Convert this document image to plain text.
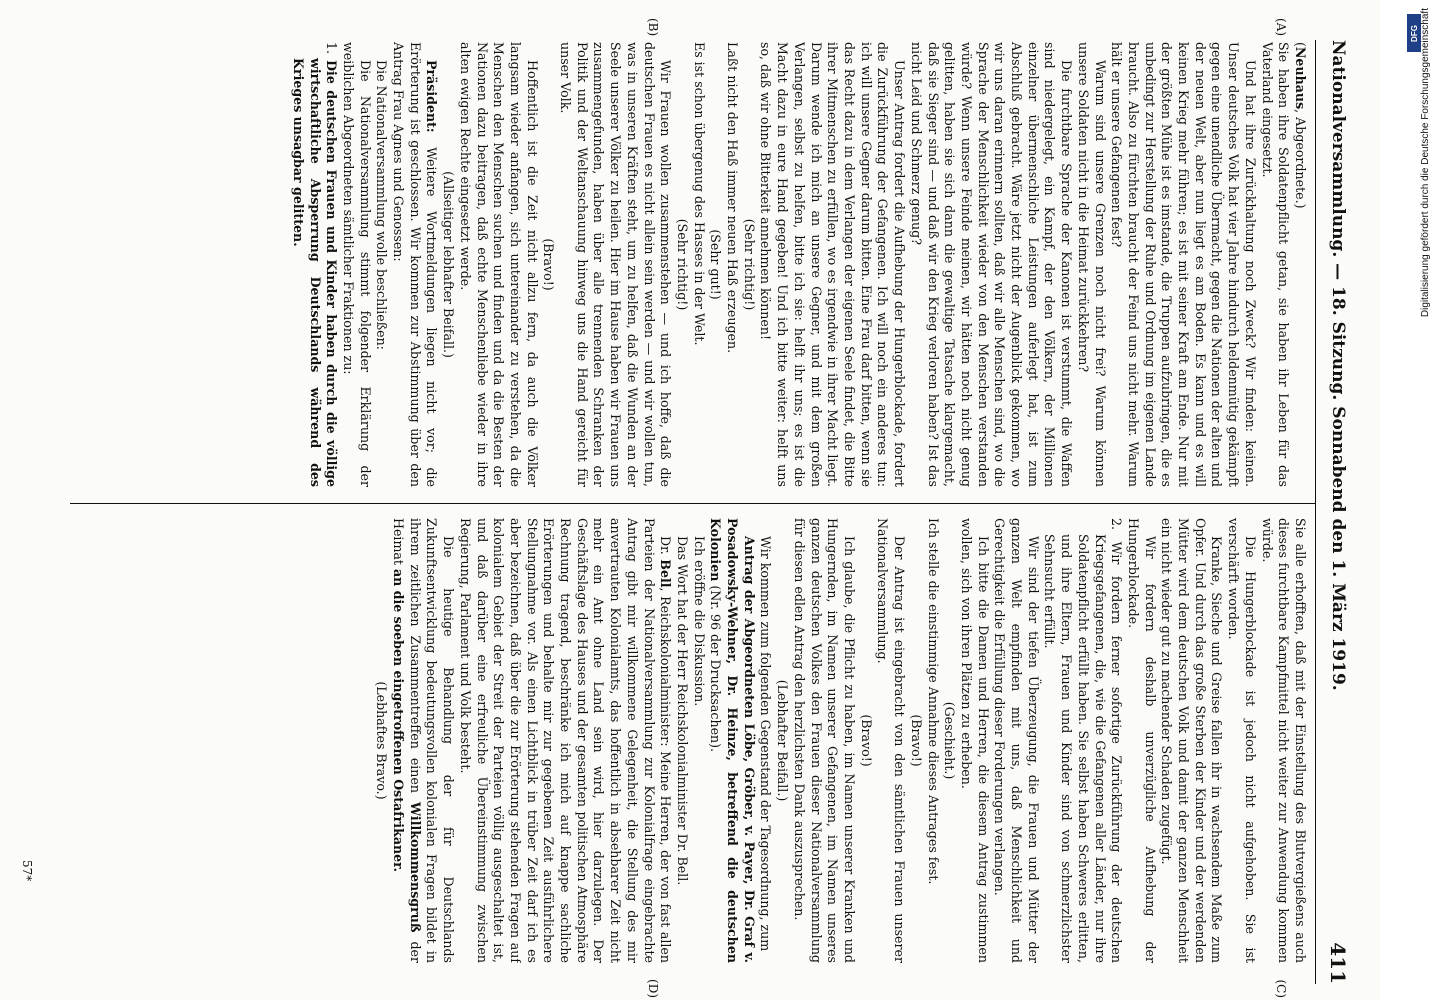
Nationalversammlung. — 18. Sitzung. Sonnabend den 1. März 1919.
411
(A)
(B)
(C)
(D)

(Neuhaus, Abgeordnete.)

Sie haben ihre Soldatenpflicht getan, sie haben ihr Leben für das Vaterland eingesetzt.

Und hat ihre Zurückhaltung noch Zweck? Wir finden: keinen. Unser deutsches Volk hat vier Jahre hindurch heldenmütig gekämpft gegen eine unendliche Übermacht, gegen die Nationen der alten und der neuen Welt, aber nun liegt es am Boden. Es kann und es will keinen Krieg mehr führen; es ist mit seiner Kraft am Ende. Nur mit der größten Mühe ist es imstande, die Truppen aufzubringen, die es unbedingt zur Herstellung der Ruhe und Ordnung im eigenen Lande braucht. Also zu fürchten braucht der Feind uns nicht mehr. Warum hält er unsere Gefangenen fest?

Warum sind unsere Grenzen noch nicht frei? Warum können unsere Soldaten nicht in die Heimat zurückkehren?

Die furchtbare Sprache der Kanonen ist verstummt, die Waffen sind niedergelegt, ein Kampf, der den Völkern, der Millionen einzelner übermenschliche Leistungen auferlegt hat, ist zum Abschluß gebracht. Wäre jetzt nicht der Augenblick gekommen, wo wir uns daran erinnern sollten, daß wir alle Menschen sind, wo die Sprache der Menschlichkeit wieder von den Menschen verstanden würde? Wenn unsere Feinde meinen, wir hätten noch nicht genug gelitten, haben sie sich dann die gewaltige Tatsache klargemacht, daß sie Sieger sind — und daß wir den Krieg verloren haben? Ist das nicht Leid und Schmerz genug?

Unser Antrag fordert die Aufhebung der Hungerblockade, fordert die Zurückführung der Gefangenen. Ich will noch ein anderes tun: ich will unsere Gegner darum bitten. Eine Frau darf bitten, wenn sie das Recht dazu in dem Verlangen der eigenen Seele findet, die Bitte ihrer Mitmenschen zu erfüllen, wo es irgendwie in ihrer Macht liegt. Darum wende ich mich an unsere Gegner, und mit dem großen Verlangen, selbst zu helfen, bitte ich sie: helft ihr uns; es ist die Macht dazu in eure Hand gegeben! Und ich bitte weiter: helft uns so, daß wir ohne Bitterkeit annehmen können!

(Sehr richtig!)

Laßt nicht den Haß immer neuen Haß erzeugen.

(Sehr gut!)

Es ist schon übergenug des Hasses in der Welt.

(Sehr richtig!)

Wir Frauen wollen zusammenstehen — und ich hoffe, daß die deutschen Frauen es nicht allein sein werden — und wir wollen tun, was in unseren Kräften steht, um zu helfen, daß die Wunden an der Seele unserer Völker zu heilen. Hier im Hause haben wir Frauen uns zusammengefunden, haben über alle trennenden Schranken der Politik und der Weltanschauung hinweg uns die Hand gereicht für unser Volk.

(Bravo!)

Hoffentlich ist die Zeit nicht allzu fern, da auch die Völker langsam wieder anfangen, sich untereinander zu verstehen, da die Menschen den Menschen suchen und finden und da die Besten der Nationen dazu beitragen, daß echte Menschenliebe wieder in ihre alten ewigen Rechte eingesetzt werde.

(Allseitiger lebhafter Beifall.)

Präsident: Weitere Wortmeldungen liegen nicht vor; die Erörterung ist geschlossen. Wir kommen zur Abstimmung über den Antrag Frau Agnes und Genossen:

Die Nationalversammlung wolle beschließen:

Die Nationalversammlung stimmt folgender Erklärung der weiblichen Abgeordneten sämtlicher Fraktionen zu:

1. Die deutschen Frauen und Kinder haben durch die völlige wirtschaftliche Absperrung Deutschlands während des Krieges unsagbar gelitten.

Sie alle erhofften, daß mit der Einstellung des Blutvergießens auch dieses furchtbare Kampfmittel nicht weiter zur Anwendung kommen würde.

Die Hungerblockade ist jedoch nicht aufgehoben. Sie ist verschärft worden.

Kranke, Sieche und Greise fallen ihr in wachsendem Maße zum Opfer. Und durch das große Sterben der Kinder und der werdenden Mütter wird dem deutschen Volk und damit der ganzen Menschheit ein nicht wieder gut zu machender Schaden zugefügt.

Wir fordern deshalb unverzügliche Aufhebung der Hungerblockade.

2. Wir fordern ferner sofortige Zurückführung der deutschen Kriegsgefangenen, die, wie die Gefangenen aller Länder, nur ihre Soldatenpflicht erfüllt haben. Sie selbst haben Schweres erlitten, und ihre Eltern, Frauen und Kinder sind von schmerzlichster Sehnsucht erfüllt.

Wir sind der tiefen Überzeugung, die Frauen und Mütter der ganzen Welt empfinden mit uns, daß Menschlichkeit und Gerechtigkeit die Erfüllung dieser Forderungen verlangen.

Ich bitte die Damen und Herren, die diesem Antrag zustimmen wollen, sich von ihren Plätzen zu erheben.

(Geschieht.)

Ich stelle die einstimmige Annahme dieses Antrages fest.

(Bravo!)

Der Antrag ist eingebracht von den sämtlichen Frauen unserer Nationalversammlung.

(Bravo!)

Ich glaube, die Pflicht zu haben, im Namen unserer Kranken und Hungernden, im Namen unserer Gefangenen, im Namen unseres ganzen deutschen Volkes den Frauen dieser Nationalversammlung für diesen edlen Antrag den herzlichsten Dank auszusprechen.

(Lebhafter Beifall.)

Wir kommen zum folgenden Gegenstand der Tagesordnung, zum

Antrag der Abgeordneten Löbe, Gröber, v. Payer, Dr. Graf v. Posadowsky-Wehner, Dr. Heinze, betreffend die deutschen Kolonien (Nr. 96 der Drucksachen).

Ich eröffne die Diskussion.

Das Wort hat der Herr Reichskolonialminister Dr. Bell.

Dr. Bell, Reichskolonialminister: Meine Herren, der von fast allen Parteien der Nationalversammlung zur Kolonialfrage eingebrachte Antrag gibt mir willkommene Gelegenheit, die Stellung des mir anvertrauten Kolonialamts, das hoffentlich in absehbarer Zeit nicht mehr ein Amt ohne Land sein wird, hier darzulegen. Der Geschäftslage des Hauses und der gesamten politischen Atmosphäre Rechnung tragend, beschränke ich mich auf knappe sachliche Erörterungen und behalte mir zur gegebenen Zeit ausführlichere Stellungnahme vor. Als einen Lichtblick in trüber Zeit darf ich es aber bezeichnen, daß über die zur Erörterung stehenden Fragen auf kolonialem Gebiet der Streit der Parteien völlig ausgeschaltet ist, und daß darüber eine erfreuliche Übereinstimmung zwischen Regierung, Parlament und Volk besteht.

Die heutige Behandlung der für Deutschlands Zukunftsentwicklung bedeutungsvollen kolonialen Fragen bildet in ihrem zeitlichen Zusammentreffen einen Willkommensgruß der Heimat an die soeben eingetroffenen Ostafrikaner.

(Lebhaftes Bravo.)

57*
DFG Digitalisierung gefördert durch die Deutsche Forschungsgemeinschaft
